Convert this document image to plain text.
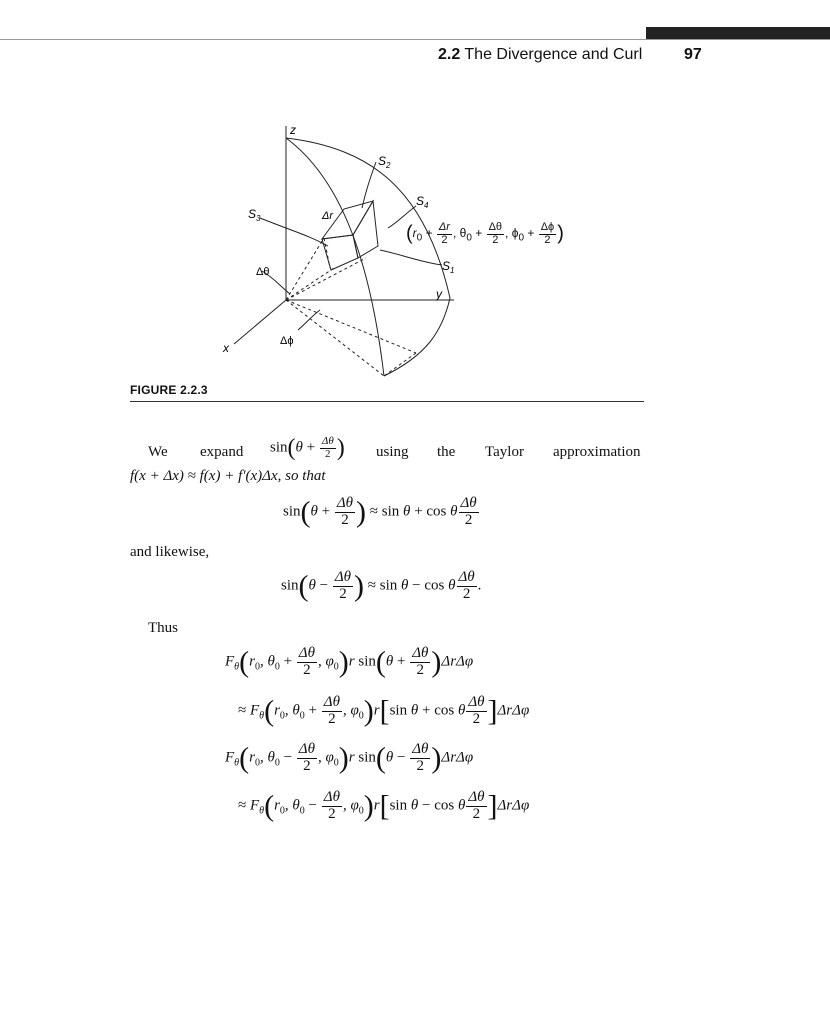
2.2 The Divergence and Curl	97
z
y
x
$S_2$
$S_3$
$S_4$
$S_1$
Δr
Δθ
Δϕ
($r_0 + \frac{\Delta r}{2}$ , $\theta_0 + \frac{\Delta\theta}{2}$ , $\phi_0 + \frac{\Delta\phi}{2}$ )
FIGURE 2.2.3
We expand $\sin(\theta + \frac{\Delta\theta}{2}$ ) using the Taylor approximation
f(x + Δx) ≈ f(x) + f′(x)Δx, so that
$\sin(\theta + \frac{\Delta\theta}{2}$ ) ≈ sin θ + cos θ $\frac{\Delta\theta}{2}$
and likewise,
$\sin(\theta - \frac{\Delta\theta}{2}$ ) ≈ sin θ − cos θ $\frac{\Delta\theta}{2}$ .
Thus
$F_\theta(r_0$, $\theta_0 + \frac{\Delta\theta}{2}$ , $\varphi_0)r$ $\sin(\theta + \frac{\Delta\theta}{2} )\Delta r\Delta\varphi$
≈ $F_\theta(r_0$, $\theta_0 + \frac{\Delta\theta}{2}$ , $\varphi_0)r[\sin$ θ + cos θ $\frac{\Delta\theta}{2} ]\Delta r\Delta\varphi$
$F_\theta(r_0$, $\theta_0 - \frac{\Delta\theta}{2}$ , $\varphi_0)r$ $\sin(\theta - \frac{\Delta\theta}{2} )\Delta r\Delta\varphi$
≈ $F_\theta(r_0$, $\theta_0 - \frac{\Delta\theta}{2}$ , $\varphi_0)r[\sin$ θ − cos θ $\frac{\Delta\theta}{2} ]\Delta r\Delta\varphi$
